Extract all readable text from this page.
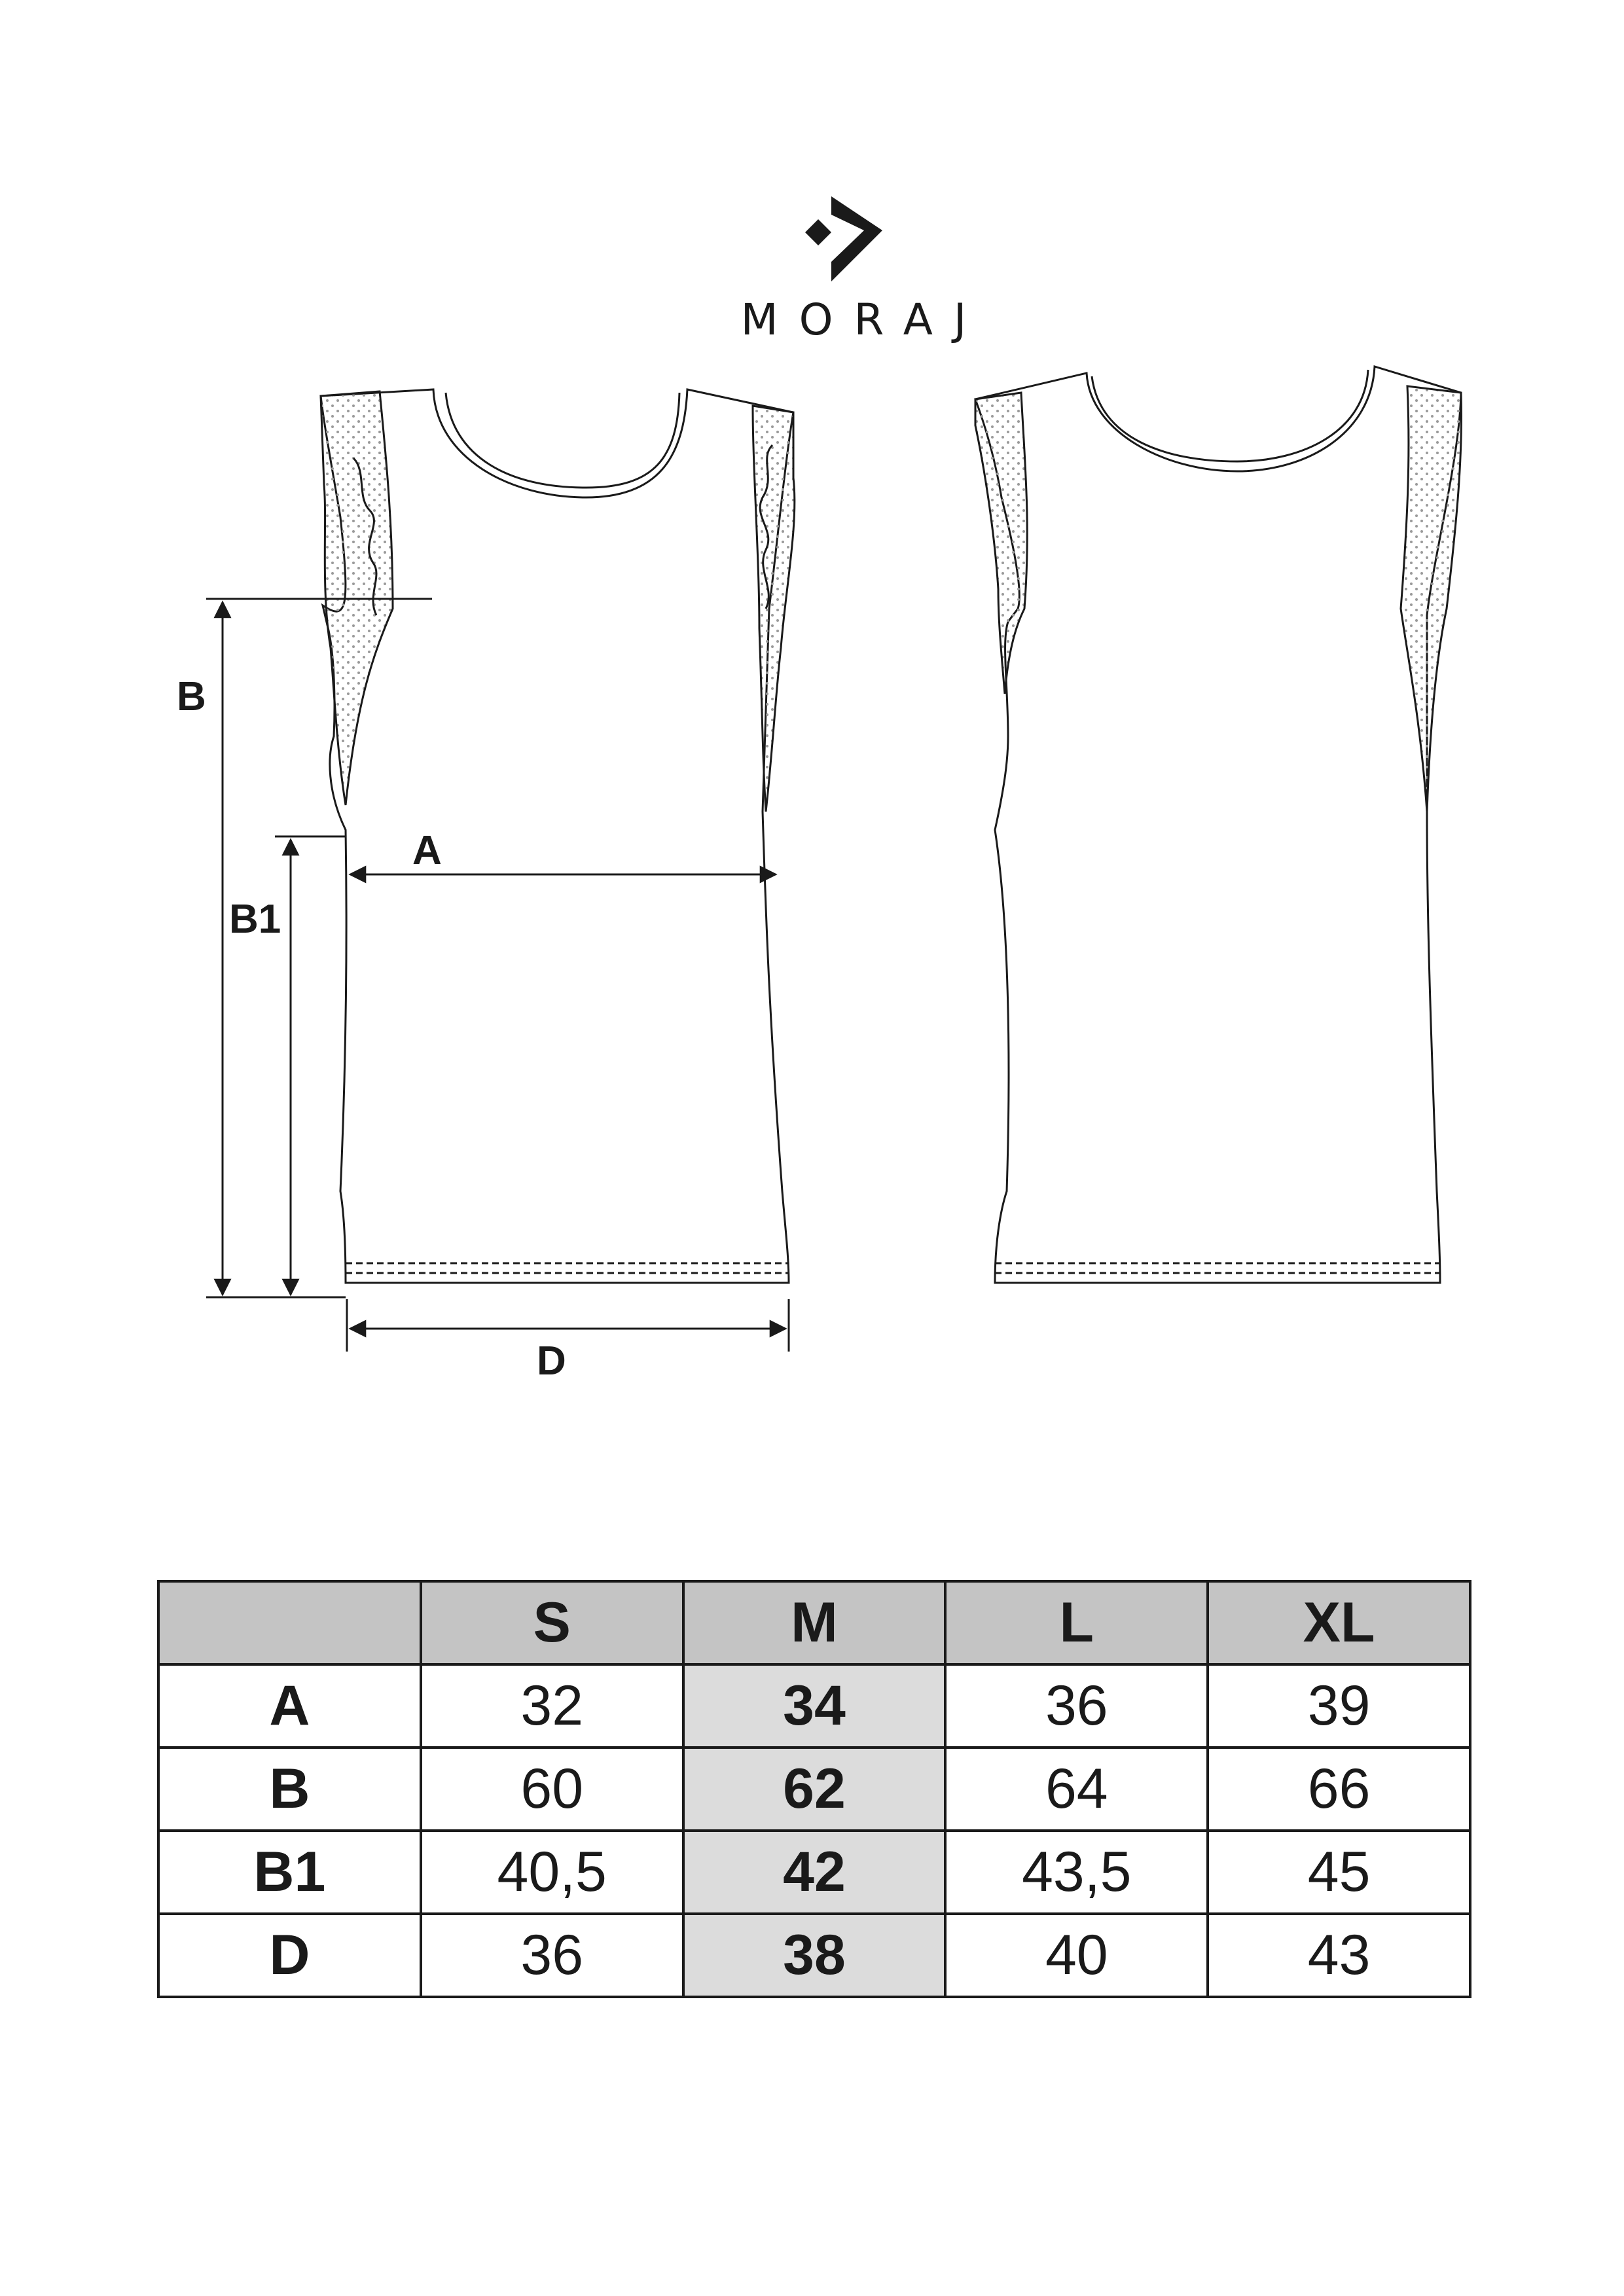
MORAJ
B
B1
A
D
	S	M	L	XL
A	32	34	36	39
B	60	62	64	66
B1	40,5	42	43,5	45
D	36	38	40	43
